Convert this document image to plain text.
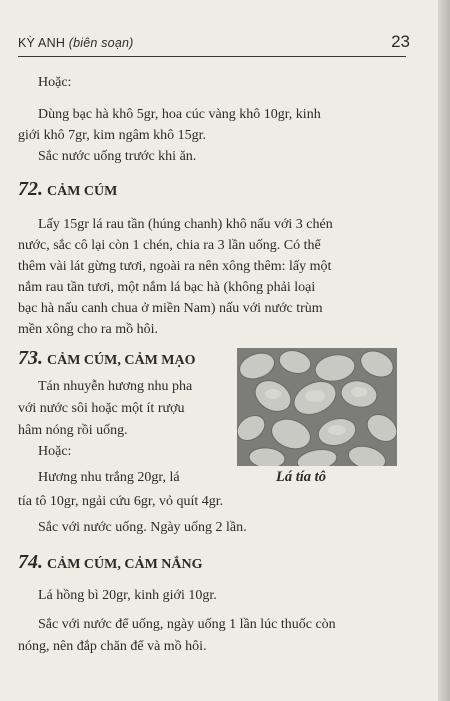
KỲ ANH (biên soạn)	23

Hoặc:

Dùng bạc hà khô 5gr, hoa cúc vàng khô 10gr, kinh

giới khô 7gr, kim ngâm khô 15gr.

Sắc nước uống trước khi ăn.

72. CẢM CÚM

Lấy 15gr lá rau tần (húng chanh) khô nấu với 3 chén

nước, sắc cô lại còn 1 chén, chia ra 3 lần uống. Có thể

thêm vài lát gừng tươi, ngoài ra nên xông thêm: lấy một

nắm rau tần tươi, một nắm lá bạc hà (không phải loại

bạc hà nấu canh chua ở miền Nam) nấu với nước trùm

mền xông cho ra mồ hôi.

73. CẢM CÚM, CẢM MẠO

Tán nhuyễn hương nhu pha

với nước sôi hoặc một ít rượu

hâm nóng rồi uống.

Hoặc:

Hương nhu trắng 20gr, lá

tía tô 10gr, ngải cứu 6gr, vỏ quít 4gr.

Sắc với nước uống. Ngày uống 2 lần.

Lá tía tô
74. CẢM CÚM, CẢM NẮNG

Lá hồng bì 20gr, kinh giới 10gr.

Sắc với nước để uống, ngày uống 1 lần lúc thuốc còn

nóng, nên đắp chăn để và mồ hôi.
